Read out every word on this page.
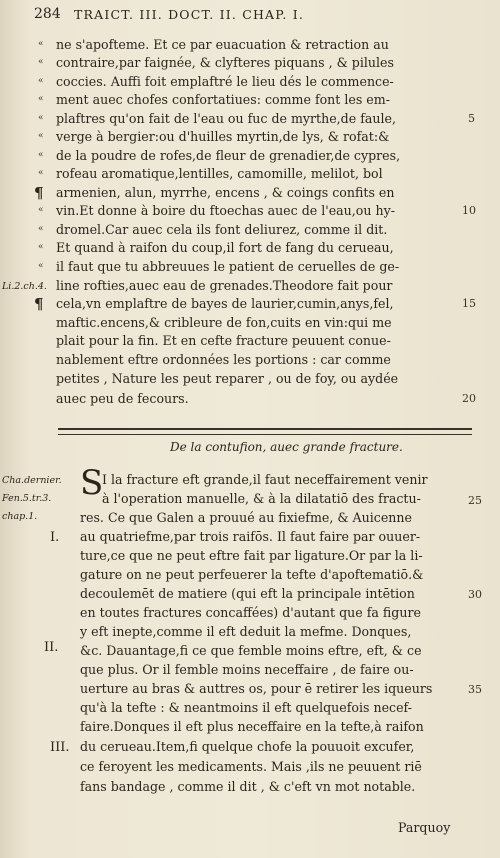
284 TRAICT. III. DOCT. II. CHAP. I.
«
«
«
«
«
«
«
«
«
«
«
«
¶
¶
Li.2.ch.4.
ne s'apofteme. Et ce par euacuation & retraction au
contraire,par faignée, & clyfteres piquans , & pilules
coccies. Auffi foit emplaftré le lieu dés le commence-
ment auec chofes confortatiues: comme font les em-
plaftres qu'on fait de l'eau ou fuc de myrthe,de faule,
verge à bergier:ou d'huilles myrtin,de lys, & rofat:&
de la poudre de rofes,de fleur de grenadier,de cypres,
rofeau aromatique,lentilles, camomille, melilot, bol
armenien, alun, myrrhe, encens , & coings confits en
vin.Et donne à boire du ftoechas auec de l'eau,ou hy-
dromel.Car auec cela ils font deliurez, comme il dit.
Et quand à raifon du coup,il fort de fang du cerueau,
il faut que tu abbreuues le patient de ceruelles de ge-
line rofties,auec eau de grenades.Theodore fait pour
cela,vn emplaftre de bayes de laurier,cumin,anys,fel,
maftic.encens,& cribleure de fon,cuits en vin:qui me
plait pour la fin. Et en cefte fracture peuuent conue-
nablement eftre ordonnées les portions : car comme
petites , Nature les peut reparer , ou de foy, ou aydée
auec peu de fecours.
5
10
15
20
De la contufion, auec grande fracture.
Cha.dernier.
Fen.5.tr.3.
chap.1.
I.
II.
III.
S
I la fracture eft grande,il faut neceffairement venir
à l'operation manuelle, & à la dilatatiō des fractu-
res. Ce que Galen a prouué au fixiefme, & Auicenne
au quatriefme,par trois raifōs. Il faut faire par ouuer-
ture,ce que ne peut eftre fait par ligature.Or par la li-
gature on ne peut perfeuerer la tefte d'apoftematiō.&
decoulemēt de matiere (qui eft la principale intētion
en toutes fractures concaffées) d'autant que fa figure
y eft inepte,comme il eft deduit la mefme. Donques,
&c. Dauantage,fi ce que femble moins eftre, eft, & ce
que plus. Or il femble moins neceffaire , de faire ou-
uerture au bras & auttres os, pour ē retirer les iqueurs
qu'à la tefte : & neantmoins il eft quelquefois necef-
faire.Donques il eft plus neceffaire en la tefte,à raifon
du cerueau.Item,fi quelque chofe la pouuoit excufer,
ce feroyent les medicaments. Mais ,ils ne peuuent riē
fans bandage , comme il dit , & c'eft vn mot notable.
25
30
35
Parquoy
